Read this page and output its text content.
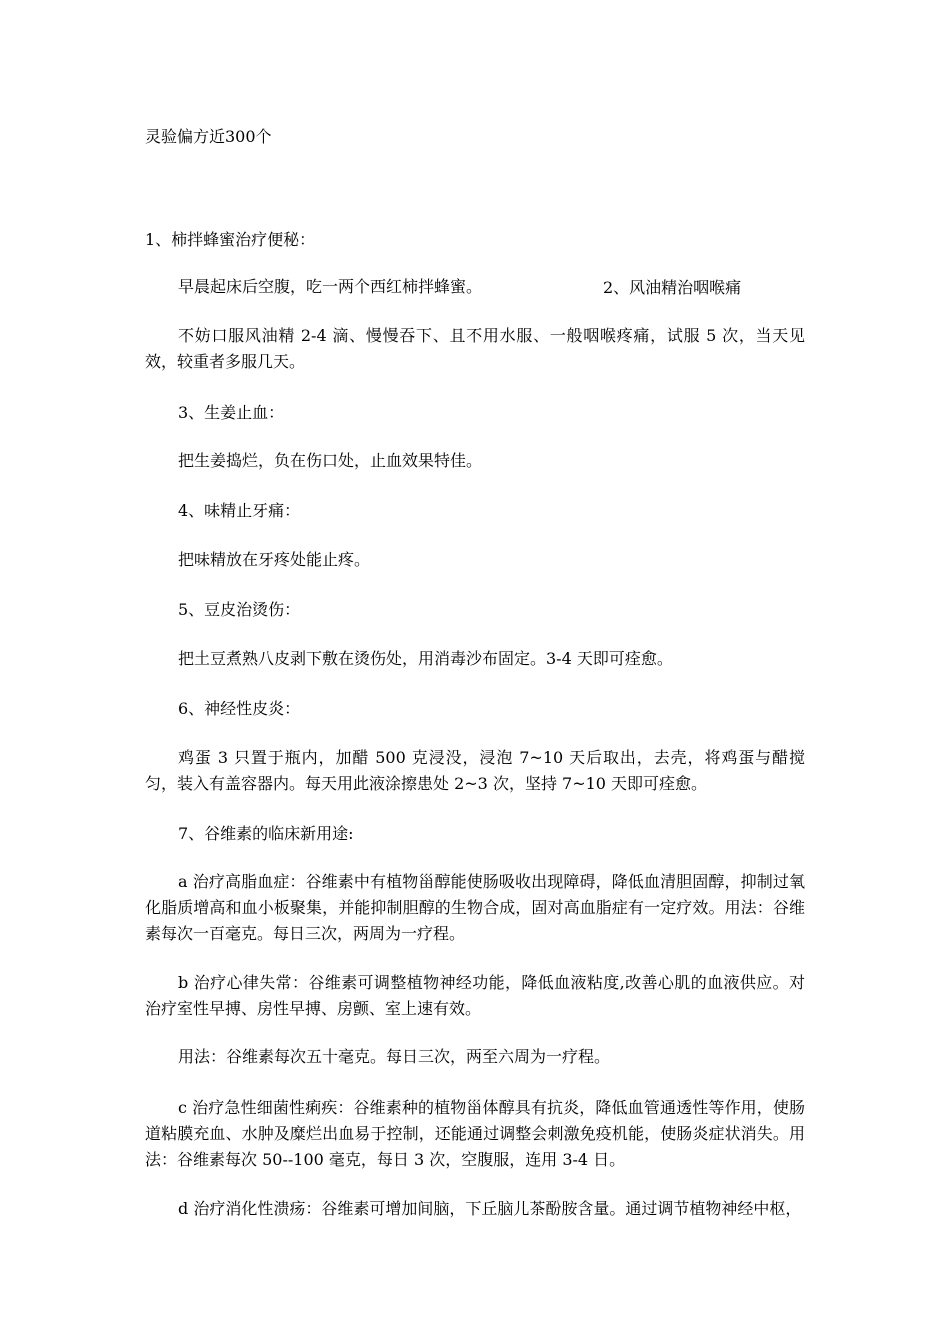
灵验偏方近300个
1、柿拌蜂蜜治疗便秘：
早晨起床后空腹，吃一两个西红柿拌蜂蜜。	2、风油精治咽喉痛
不妨口服风油精 2-4 滴、慢慢吞下、且不用水服、一般咽喉疼痛，试服 5 次，当天见效，较重者多服几天。
3、生姜止血：
把生姜捣烂，负在伤口处，止血效果特佳。
4、味精止牙痛：
把味精放在牙疼处能止疼。
5、豆皮治烫伤：
把土豆煮熟八皮剥下敷在烫伤处，用消毒沙布固定。3-4 天即可痊愈。
6、神经性皮炎：
鸡蛋 3 只置于瓶内，加醋 500 克浸没，浸泡 7~10 天后取出，去壳，将鸡蛋与醋搅匀，装入有盖容器内。每天用此液涂擦患处 2~3 次，坚持 7~10 天即可痊愈。
7、谷维素的临床新用途:
a 治疗高脂血症：谷维素中有植物甾醇能使肠吸收出现障碍，降低血清胆固醇，抑制过氧化脂质增高和血小板聚集，并能抑制胆醇的生物合成，固对高血脂症有一定疗效。用法：谷维素每次一百毫克。每日三次，两周为一疗程。
b 治疗心律失常：谷维素可调整植物神经功能，降低血液粘度,改善心肌的血液供应。对治疗室性早搏、房性早搏、房颤、室上速有效。
用法：谷维素每次五十毫克。每日三次，两至六周为一疗程。
c 治疗急性细菌性痢疾：谷维素种的植物甾体醇具有抗炎，降低血管通透性等作用，使肠道粘膜充血、水肿及糜烂出血易于控制，还能通过调整会刺激免疫机能，使肠炎症状消失。用法：谷维素每次 50--100 毫克，每日 3 次，空腹服，连用 3-4 日。
d 治疗消化性溃疡：谷维素可增加间脑，下丘脑儿茶酚胺含量。通过调节植物神经中枢，
